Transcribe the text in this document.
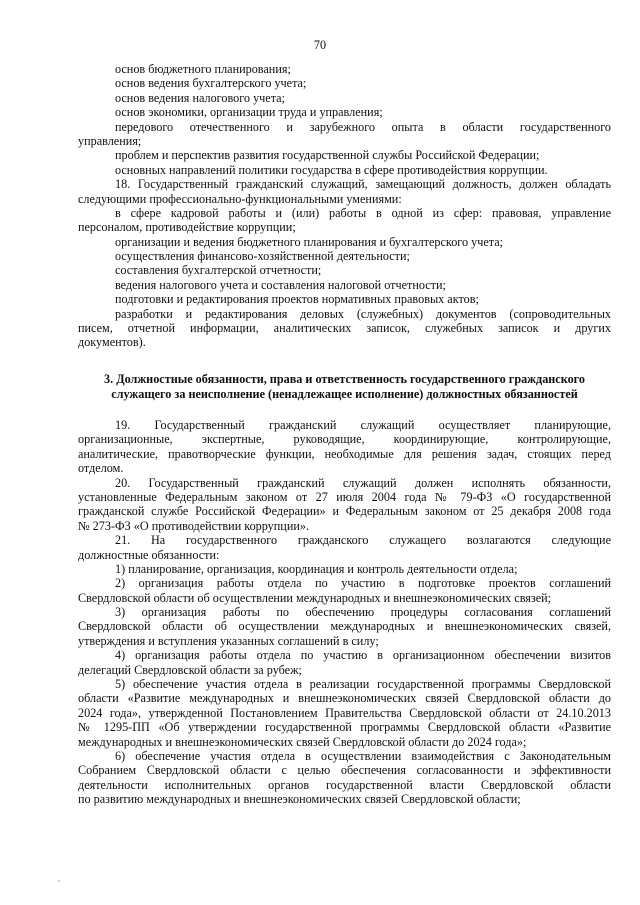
70
основ бюджетного планирования;
основ ведения бухгалтерского учета;
основ ведения налогового учета;
основ экономики, организации труда и управления;
передового отечественного и зарубежного опыта в области государственного
управления;
проблем и перспектив развития государственной службы Российской Федерации;
основных направлений политики государства в сфере противодействия коррупции.
18. Государственный гражданский служащий, замещающий должность, должен обладать
следующими профессионально-функциональными умениями:
в сфере кадровой работы и (или) работы в одной из сфер: правовая, управление
персоналом, противодействие коррупции;
организации и ведения бюджетного планирования и бухгалтерского учета;
осуществления финансово-хозяйственной деятельности;
составления бухгалтерской отчетности;
ведения налогового учета и составления налоговой отчетности;
подготовки и редактирования проектов нормативных правовых актов;
разработки и редактирования деловых (служебных) документов (сопроводительных
писем, отчетной информации, аналитических записок, служебных записок и других
документов).
3. Должностные обязанности, права и ответственность государственного гражданского
служащего за неисполнение (ненадлежащее исполнение) должностных обязанностей
19. Государственный гражданский служащий осуществляет планирующие,
организационные, экспертные, руководящие, координирующие, контролирующие,
аналитические, правотворческие функции, необходимые для решения задач, стоящих перед
отделом.
20. Государственный гражданский служащий должен исполнять обязанности,
установленные Федеральным законом от 27 июля 2004 года № 79-ФЗ «О государственной
гражданской службе Российской Федерации» и Федеральным законом от 25 декабря 2008 года
№ 273-ФЗ «О противодействии коррупции».
21. На государственного гражданского служащего возлагаются следующие
должностные обязанности:
1) планирование, организация, координация и контроль деятельности отдела;
2) организация работы отдела по участию в подготовке проектов соглашений
Свердловской области об осуществлении международных и внешнеэкономических связей;
3) организация работы по обеспечению процедуры согласования соглашений
Свердловской области об осуществлении международных и внешнеэкономических связей,
утверждения и вступления указанных соглашений в силу;
4) организация работы отдела по участию в организационном обеспечении визитов
делегаций Свердловской области за рубеж;
5) обеспечение участия отдела в реализации государственной программы Свердловской
области «Развитие международных и внешнеэкономических связей Свердловской области до
2024 года», утвержденной Постановлением Правительства Свердловской области от 24.10.2013
№ 1295-ПП «Об утверждении государственной программы Свердловской области «Развитие
международных и внешнеэкономических связей Свердловской области до 2024 года»;
6) обеспечение участия отдела в осуществлении взаимодействия с Законодательным
Собранием Свердловской области с целью обеспечения согласованности и эффективности
деятельности исполнительных органов государственной власти Свердловской области
по развитию международных и внешнеэкономических связей Свердловской области;
